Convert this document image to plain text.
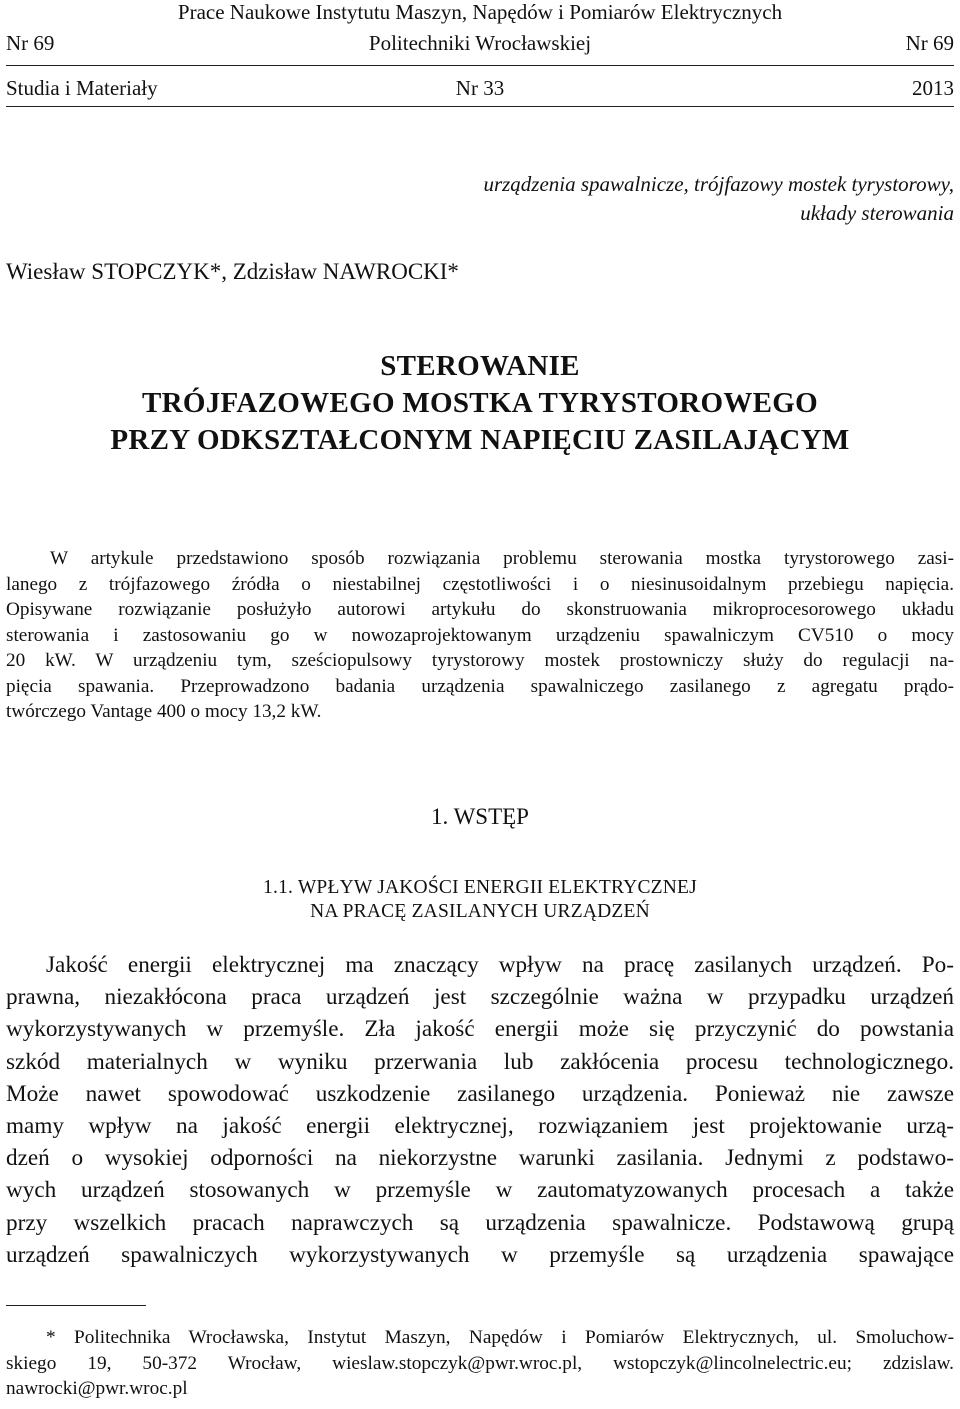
Prace Naukowe Instytutu Maszyn, Napędów i Pomiarów Elektrycznych
Nr 69	Politechniki Wrocławskiej	Nr 69
Studia i Materiały	Nr 33	2013
urządzenia spawalnicze, trójfazowy mostek tyrystorowy,
układy sterowania
Wiesław STOPCZYK*, Zdzisław NAWROCKI*
STEROWANIE
TRÓJFAZOWEGO MOSTKA TYRYSTOROWEGO
PRZY ODKSZTAŁCONYM NAPIĘCIU ZASILAJĄCYM
W artykule przedstawiono sposób rozwiązania problemu sterowania mostka tyrystorowego zasi-
lanego z trójfazowego źródła o niestabilnej częstotliwości i o niesinusoidalnym przebiegu napięcia.
Opisywane rozwiązanie posłużyło autorowi artykułu do skonstruowania mikroprocesorowego układu
sterowania i zastosowaniu go w nowozaprojektowanym urządzeniu spawalniczym CV510 o mocy
20 kW. W urządzeniu tym, sześciopulsowy tyrystorowy mostek prostowniczy służy do regulacji na-
pięcia spawania. Przeprowadzono badania urządzenia spawalniczego zasilanego z agregatu prądo-
twórczego Vantage 400 o mocy 13,2 kW.
1. WSTĘP
1.1. WPŁYW JAKOŚCI ENERGII ELEKTRYCZNEJ
NA PRACĘ ZASILANYCH URZĄDZEŃ
Jakość energii elektrycznej ma znaczący wpływ na pracę zasilanych urządzeń. Po-
prawna, niezakłócona praca urządzeń jest szczególnie ważna w przypadku urządzeń
wykorzystywanych w przemyśle. Zła jakość energii może się przyczynić do powstania
szkód materialnych w wyniku przerwania lub zakłócenia procesu technologicznego.
Może nawet spowodować uszkodzenie zasilanego urządzenia. Ponieważ nie zawsze
mamy wpływ na jakość energii elektrycznej, rozwiązaniem jest projektowanie urzą-
dzeń o wysokiej odporności na niekorzystne warunki zasilania. Jednymi z podstawo-
wych urządzeń stosowanych w przemyśle w zautomatyzowanych procesach a także
przy wszelkich pracach naprawczych są urządzenia spawalnicze. Podstawową grupą
urządzeń spawalniczych wykorzystywanych w przemyśle są urządzenia spawające
* Politechnika Wrocławska, Instytut Maszyn, Napędów i Pomiarów Elektrycznych, ul. Smoluchow-
skiego 19, 50-372 Wrocław, wieslaw.stopczyk@pwr.wroc.pl, wstopczyk@lincolnelectric.eu; zdzislaw.
nawrocki@pwr.wroc.pl
